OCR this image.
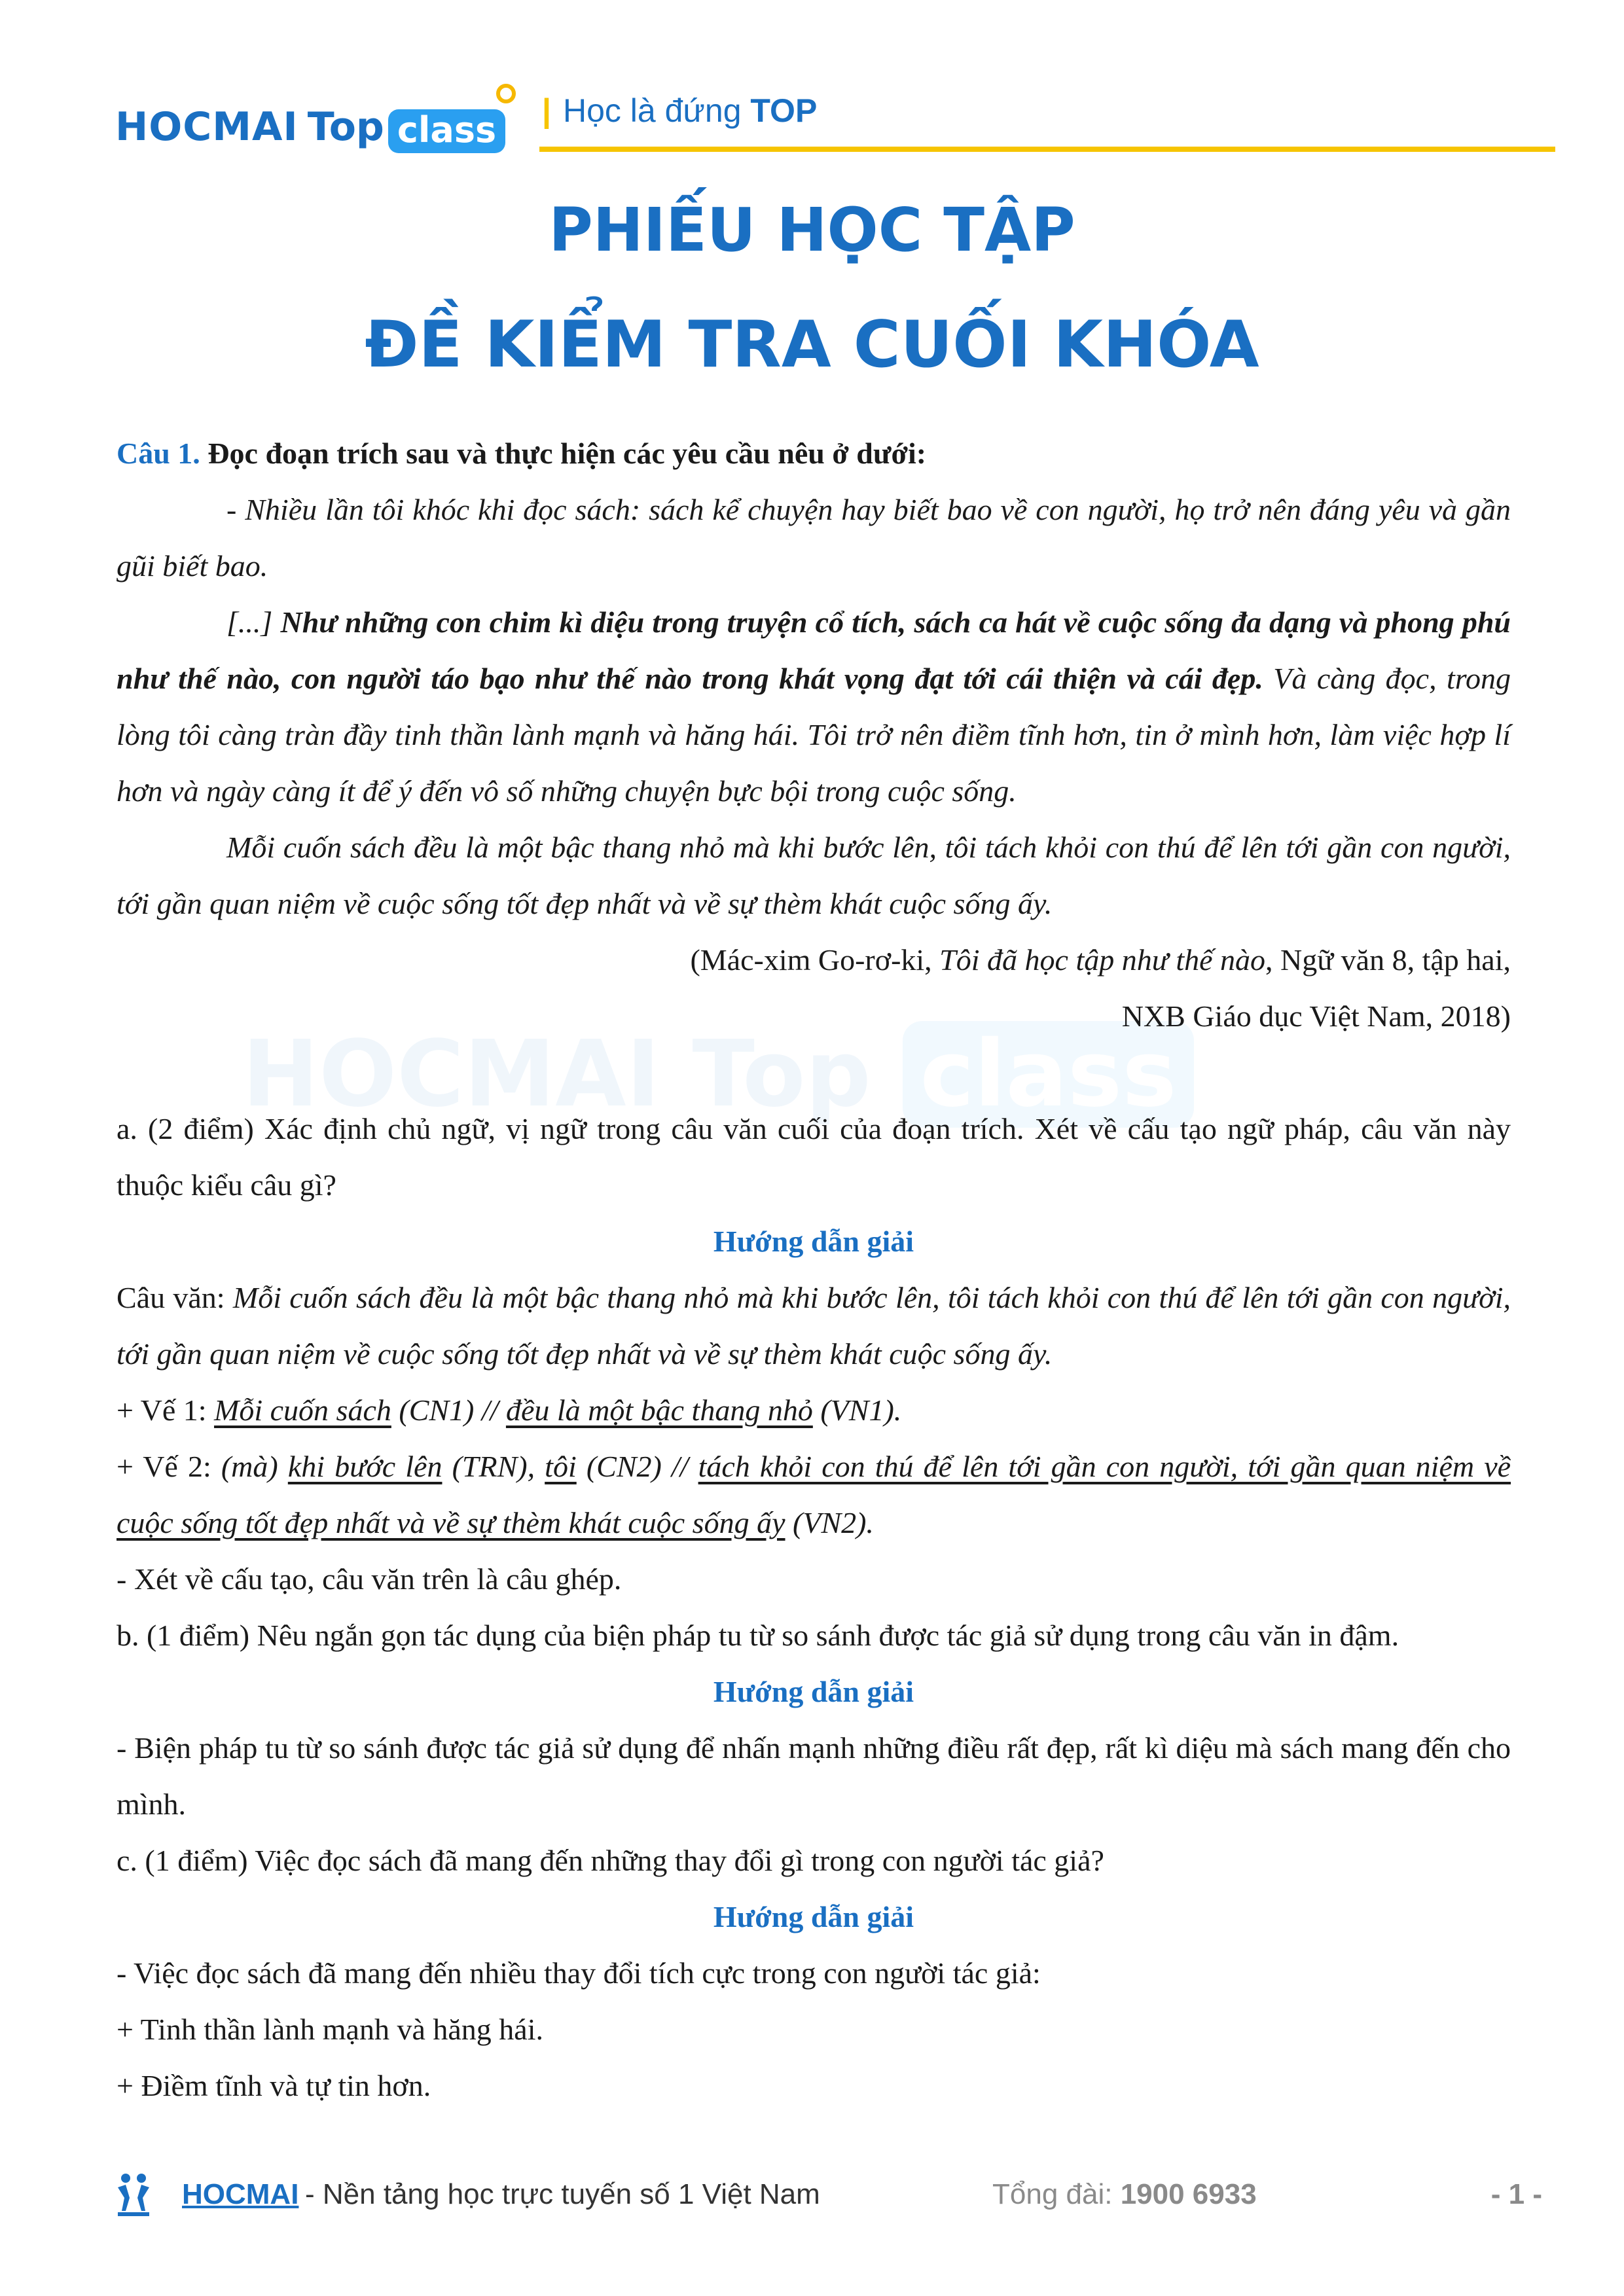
HOCMAI Top class | Học là đứng TOP
PHIẾU HỌC TẬP
ĐỀ KIỂM TRA CUỐI KHÓA
HOCMAI Top class

Câu 1. Đọc đoạn trích sau và thực hiện các yêu cầu nêu ở dưới:

- Nhiều lần tôi khóc khi đọc sách: sách kể chuyện hay biết bao về con người, họ trở nên đáng yêu và gần gũi biết bao.

[...] Như những con chim kì diệu trong truyện cổ tích, sách ca hát về cuộc sống đa dạng và phong phú như thế nào, con người táo bạo như thế nào trong khát vọng đạt tới cái thiện và cái đẹp. Và càng đọc, trong lòng tôi càng tràn đầy tinh thần lành mạnh và hăng hái. Tôi trở nên điềm tĩnh hơn, tin ở mình hơn, làm việc hợp lí hơn và ngày càng ít để ý đến vô số những chuyện bực bội trong cuộc sống.

Mỗi cuốn sách đều là một bậc thang nhỏ mà khi bước lên, tôi tách khỏi con thú để lên tới gần con người, tới gần quan niệm về cuộc sống tốt đẹp nhất và về sự thèm khát cuộc sống ấy.

(Mác-xim Go-rơ-ki, Tôi đã học tập như thế nào, Ngữ văn 8, tập hai,

NXB Giáo dục Việt Nam, 2018)

a. (2 điểm) Xác định chủ ngữ, vị ngữ trong câu văn cuối của đoạn trích. Xét về cấu tạo ngữ pháp, câu văn này thuộc kiểu câu gì?

Hướng dẫn giải

Câu văn: Mỗi cuốn sách đều là một bậc thang nhỏ mà khi bước lên, tôi tách khỏi con thú để lên tới gần con người, tới gần quan niệm về cuộc sống tốt đẹp nhất và về sự thèm khát cuộc sống ấy.

+ Vế 1: Mỗi cuốn sách (CN1) // đều là một bậc thang nhỏ (VN1).

+ Vế 2: (mà) khi bước lên (TRN), tôi (CN2) // tách khỏi con thú để lên tới gần con người, tới gần quan niệm về cuộc sống tốt đẹp nhất và về sự thèm khát cuộc sống ấy (VN2).

- Xét về cấu tạo, câu văn trên là câu ghép.

b. (1 điểm) Nêu ngắn gọn tác dụng của biện pháp tu từ so sánh được tác giả sử dụng trong câu văn in đậm.

Hướng dẫn giải

- Biện pháp tu từ so sánh được tác giả sử dụng để nhấn mạnh những điều rất đẹp, rất kì diệu mà sách mang đến cho mình.

c. (1 điểm) Việc đọc sách đã mang đến những thay đổi gì trong con người tác giả?

Hướng dẫn giải

- Việc đọc sách đã mang đến nhiều thay đổi tích cực trong con người tác giả:

+ Tinh thần lành mạnh và hăng hái.

+ Điềm tĩnh và tự tin hơn.

HOCMAI - Nền tảng học trực tuyến số 1 Việt Nam	Tổng đài: 1900 6933	- 1 -
